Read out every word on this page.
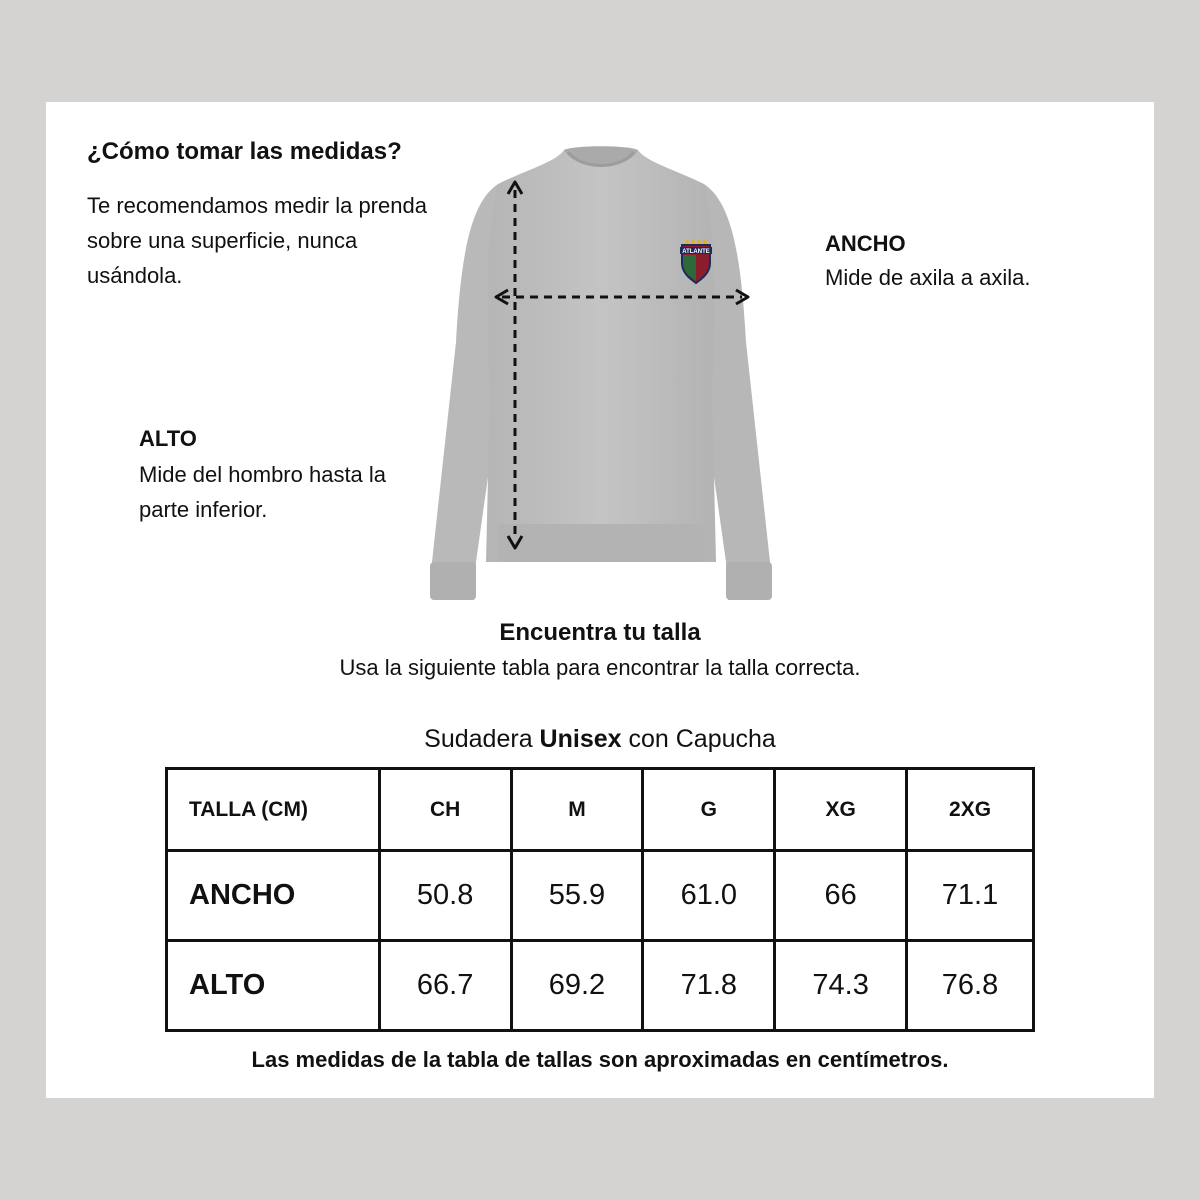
¿Cómo tomar las medidas?
Te recomendamos medir la prenda sobre una superficie, nunca usándola.
ANCHO
Mide de axila a axila.
ALTO
Mide del hombro hasta la parte inferior.
ATLANTE
Encuentra tu talla
Usa la siguiente tabla para encontrar la talla correcta.
Sudadera Unisex con Capucha
TALLA (CM)	CH	M	G	XG	2XG
ANCHO	50.8	55.9	61.0	66	71.1
ALTO	66.7	69.2	71.8	74.3	76.8
Las medidas de la tabla de tallas son aproximadas en centímetros.
